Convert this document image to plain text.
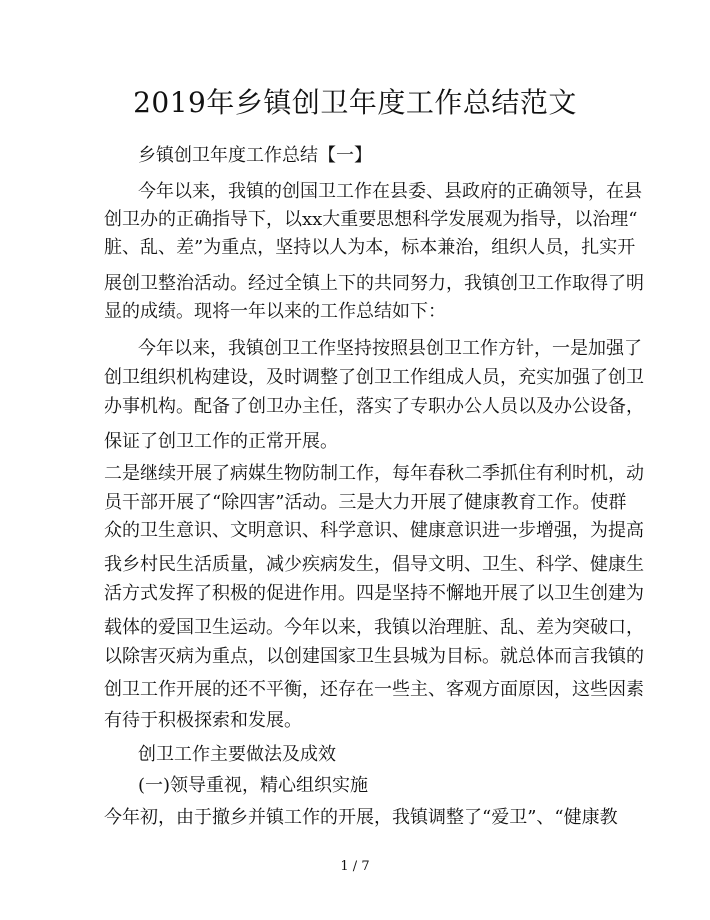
2019年乡镇创卫年度工作总结范文
乡镇创卫年度工作总结【一】
今年以来，我镇的创国卫工作在县委、县政府的正确领导，在县
创卫办的正确指导下，以xx大重要思想科学发展观为指导，以治理“
脏、乱、差”为重点，坚持以人为本，标本兼治，组织人员，扎实开
展创卫整治活动。经过全镇上下的共同努力，我镇创卫工作取得了明
显的成绩。现将一年以来的工作总结如下：
今年以来，我镇创卫工作坚持按照县创卫工作方针，一是加强了
创卫组织机构建设，及时调整了创卫工作组成人员，充实加强了创卫
办事机构。配备了创卫办主任，落实了专职办公人员以及办公设备，
保证了创卫工作的正常开展。
二是继续开展了病媒生物防制工作，每年春秋二季抓住有利时机，动
员干部开展了“除四害”活动。三是大力开展了健康教育工作。使群
众的卫生意识、文明意识、科学意识、健康意识进一步增强，为提高
我乡村民生活质量，减少疾病发生，倡导文明、卫生、科学、健康生
活方式发挥了积极的促进作用。四是坚持不懈地开展了以卫生创建为
载体的爱国卫生运动。今年以来，我镇以治理脏、乱、差为突破口，
以除害灭病为重点，以创建国家卫生县城为目标。就总体而言我镇的
创卫工作开展的还不平衡，还存在一些主、客观方面原因，这些因素
有待于积极探索和发展。
创卫工作主要做法及成效
(一)领导重视，精心组织实施
今年初，由于撤乡并镇工作的开展，我镇调整了“爱卫”、“健康教
1 / 7
